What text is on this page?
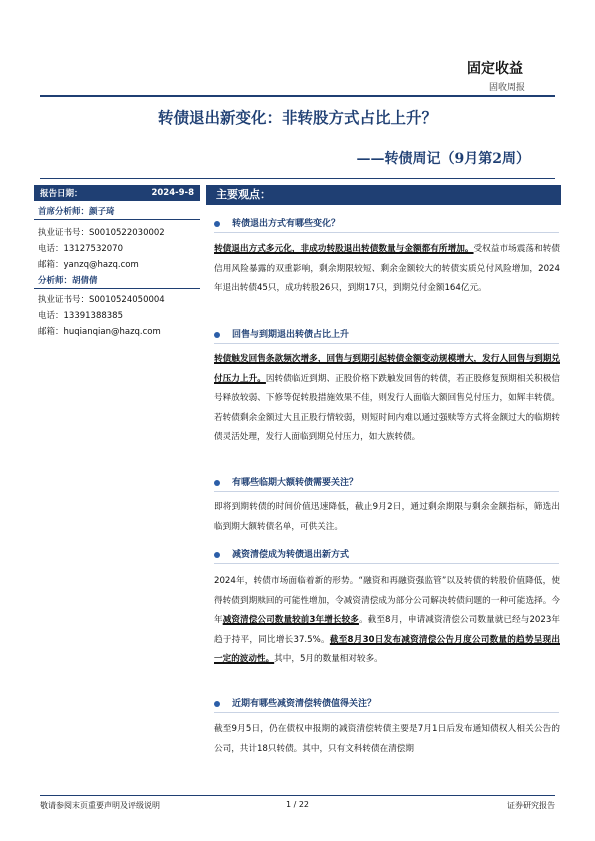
固定收益
固收周报
转债退出新变化：非转股方式占比上升？
——转债周记（9月第2周）
报告日期：	2024-9-8
首席分析师：颜子琦
执业证书号：S0010522030002
电话：13127532070
邮箱：yanzq@hazq.com
分析师：胡倩倩
执业证书号：S0010524050004
电话：13391388385
邮箱：huqianqian@hazq.com
主要观点：
转债退出方式有哪些变化？
转债退出方式多元化，非成功转股退出转债数量与金额都有所增加。受权益市场震荡和转债信用风险暴露的双重影响，剩余期限较短、剩余金额较大的转债实质兑付风险增加，2024年退出转债45只，成功转股26只，到期17只，到期兑付金额164亿元。
回售与到期退出转债占比上升
转债触发回售条款频次增多，回售与到期引起转债金额变动规模增大，发行人回售与到期兑付压力上升。因转债临近到期、正股价格下跌触发回售的转债，若正股修复预期相关积极信号释放较弱、下修等促转股措施效果不佳，则发行人面临大额回售兑付压力，如辉丰转债。若转债剩余金额过大且正股行情较弱，则短时间内难以通过强赎等方式将金额过大的临期转债灵活处理，发行人面临到期兑付压力，如大族转债。
有哪些临期大额转债需要关注？
即将到期转债的时间价值迅速降低，截止9月2日，通过剩余期限与剩余金额指标，筛选出临到期大额转债名单，可供关注。
减资清偿成为转债退出新方式
2024年，转债市场面临着新的形势。“融资和再融资强监管”以及转债的转股价值降低，使得转债到期赎回的可能性增加，令减资清偿成为部分公司解决转债问题的一种可能选择。今年减资清偿公司数量较前3年增长较多。截至8月，申请减资清偿公司数量就已经与2023年趋于持平，同比增长37.5%。截至8月30日发布减资清偿公告月度公司数量的趋势呈现出一定的波动性。其中，5月的数量相对较多。
近期有哪些减资清偿转债值得关注？
截至9月5日，仍在债权申报期的减资清偿转债主要是7月1日后发布通知债权人相关公告的公司，共计18只转债。其中，只有文科转债在清偿期
敬请参阅末页重要声明及评级说明	1 / 22	证券研究报告
